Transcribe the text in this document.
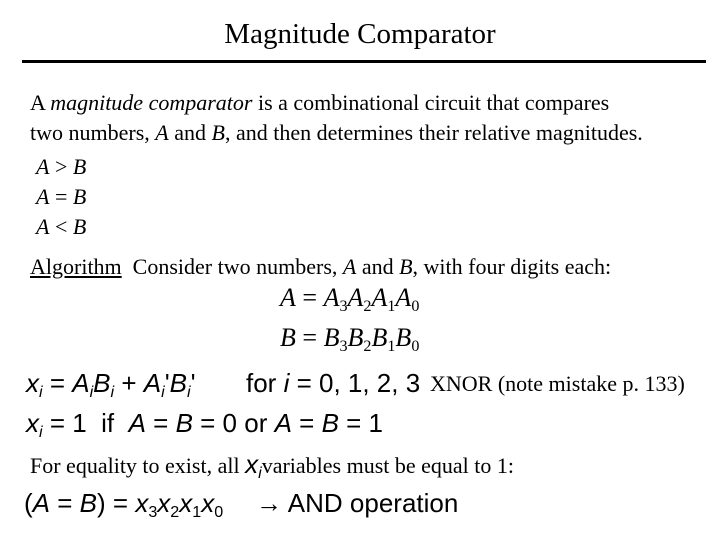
Magnitude Comparator
A magnitude comparator is a combinational circuit that compares
two numbers, A and B, and then determines their relative magnitudes.
A > B
A = B
A < B
Algorithm  Consider two numbers, A and B, with four digits each:
$A = A_3A_2A_1A_0$
$B = B_3B_2B_1B_0$
$x_i = A_iB_i + A_i'B_i'$ for i = 0, 1, 2, 3 XNOR (note mistake p. 133)
$x_i = 1$  if  A = B = 0 or A = B = 1
For equality to exist, all $x_ivariables$ must be equal to 1:
$(A = B) = x_3x_2x_1x_0$ → AND operation
